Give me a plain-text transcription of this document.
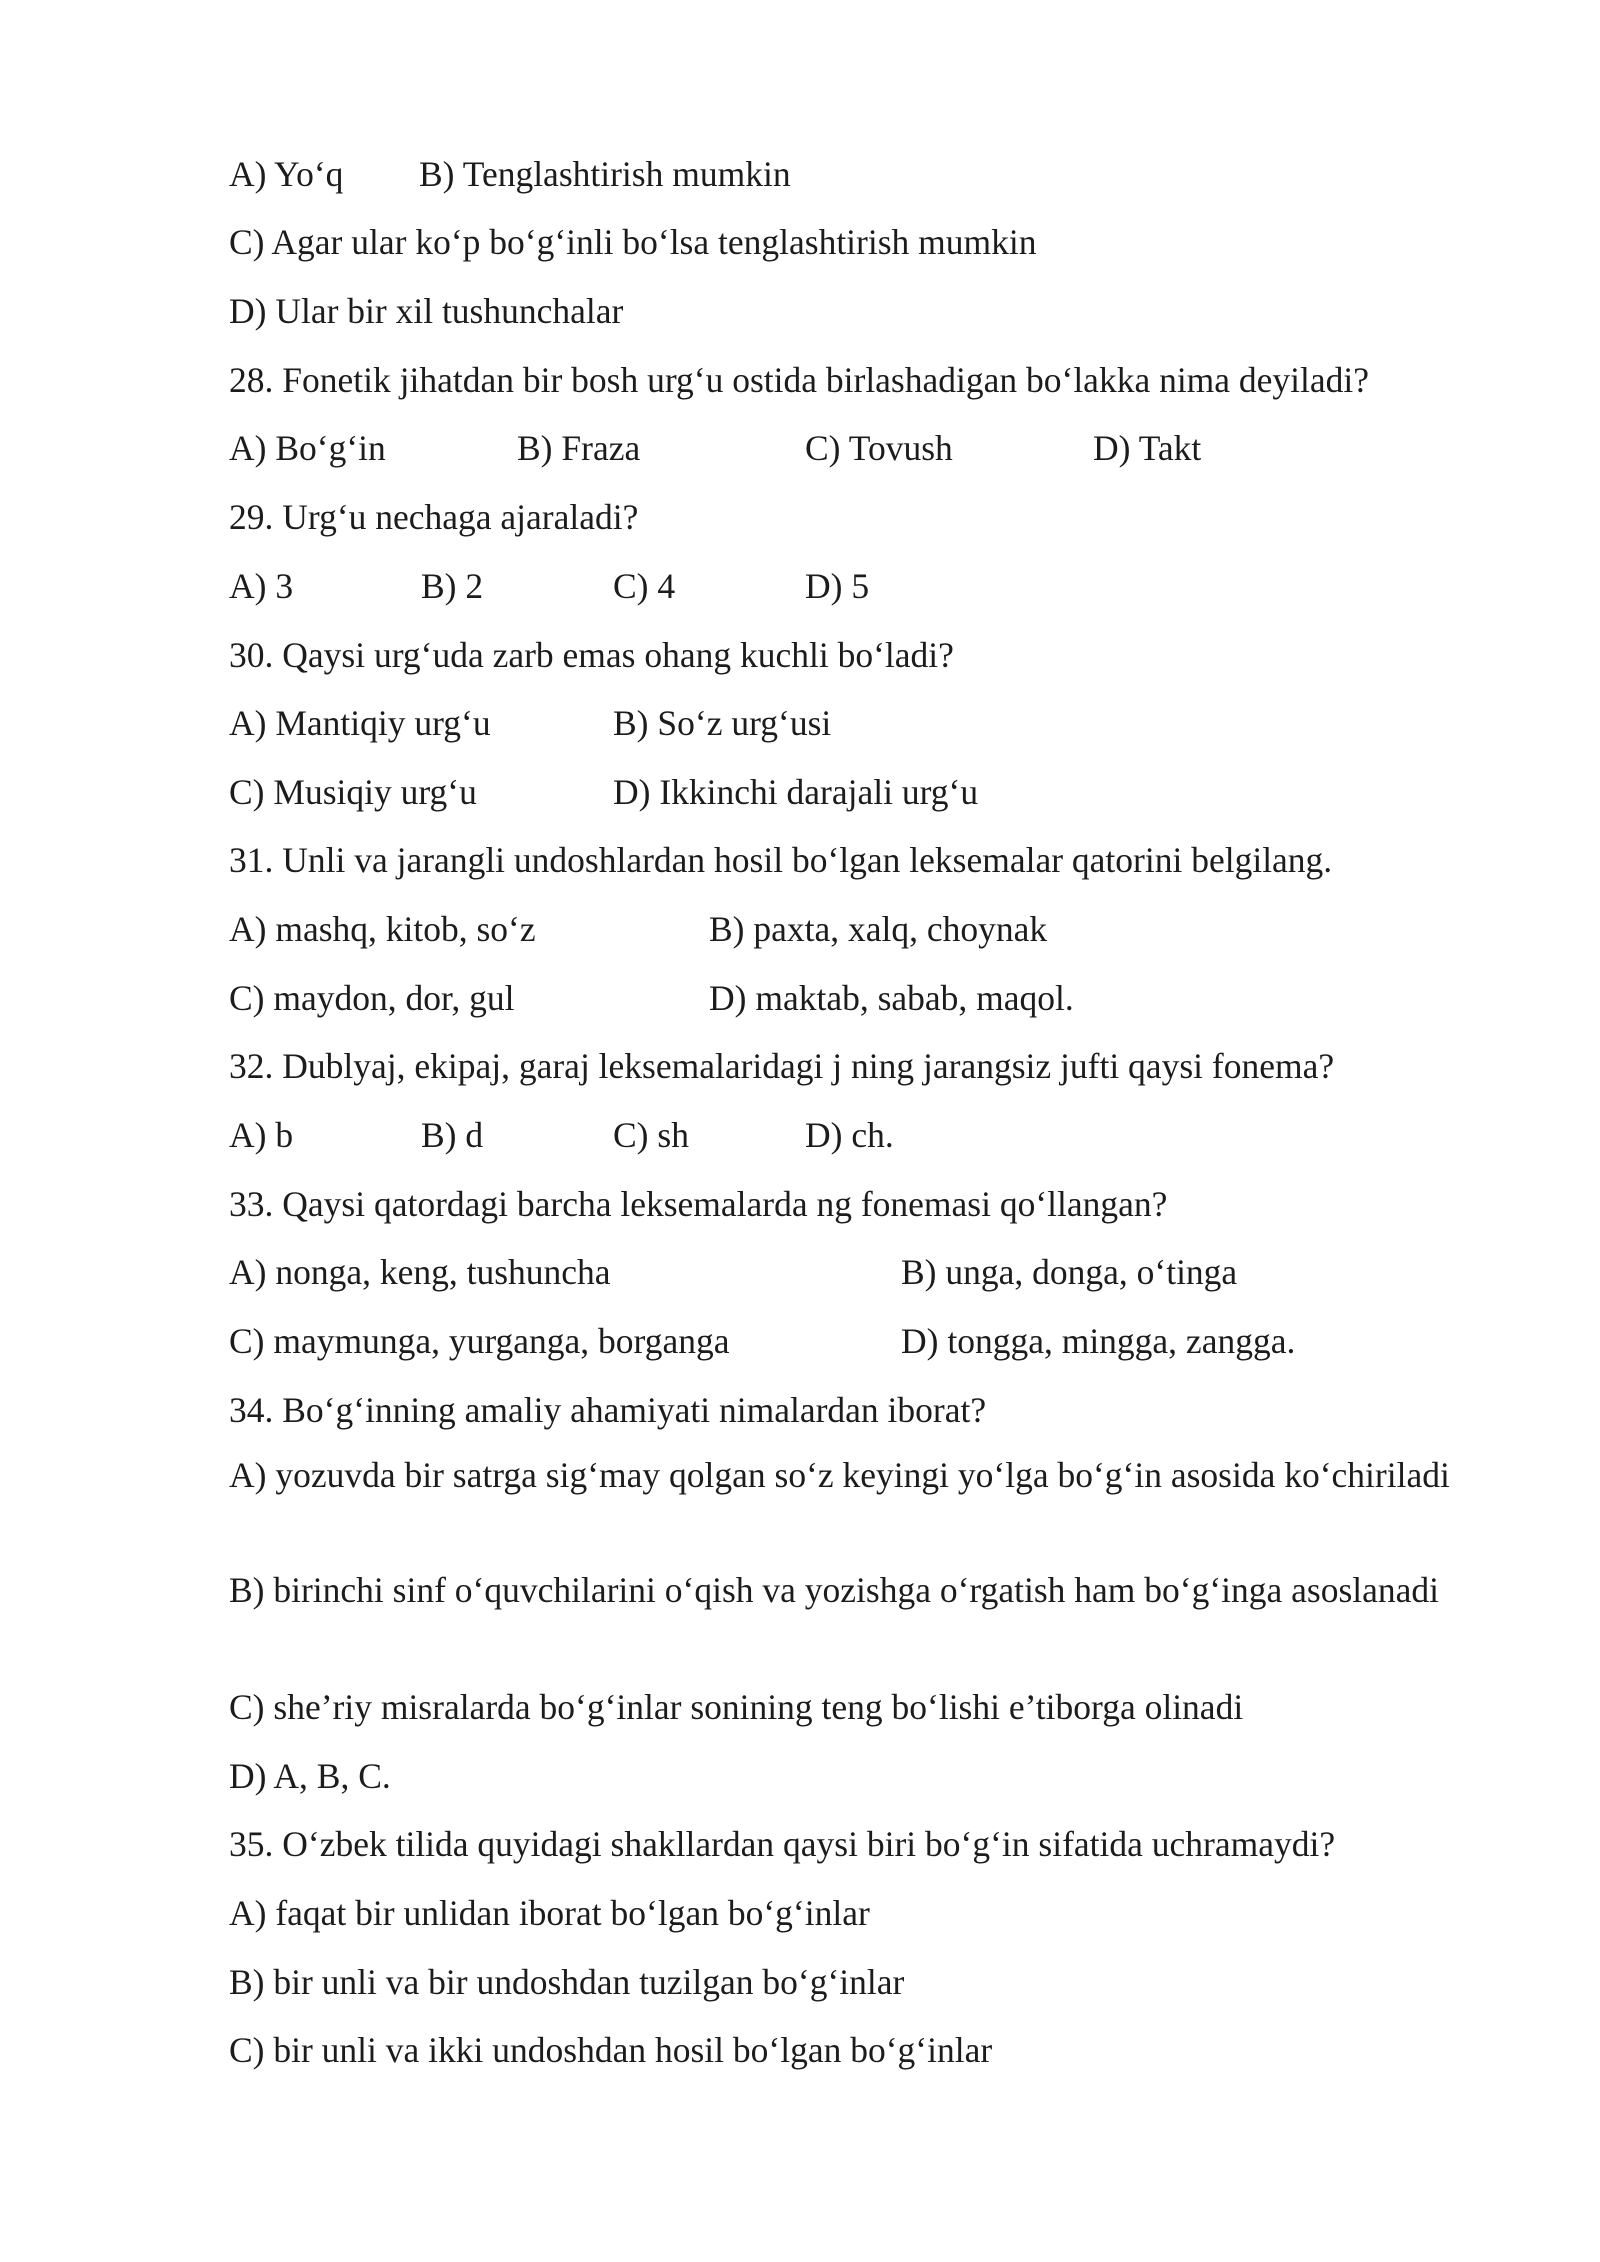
A) Yo‘q B) Tenglashtirish mumkin
C) Agar ular ko‘p bo‘g‘inli bo‘lsa tenglashtirish mumkin
D) Ular bir xil tushunchalar
28. Fonetik jihatdan bir bosh urg‘u ostida birlashadigan bo‘lakka nima deyiladi?
A) Bo‘g‘in	B) Fraza	C) Tovush	D) Takt
29. Urg‘u nechaga ajaraladi?
A) 3	B) 2	C) 4	D) 5
30. Qaysi urg‘uda zarb emas ohang kuchli bo‘ladi?
A) Mantiqiy urg‘u	B) So‘z urg‘usi
C) Musiqiy urg‘u	D) Ikkinchi darajali urg‘u
31. Unli va jarangli undoshlardan hosil bo‘lgan leksemalar qatorini belgilang.
A) mashq, kitob, so‘z	B) paxta, xalq, choynak
C) maydon, dor, gul	D) maktab, sabab, maqol.
32. Dublyaj, ekipaj, garaj leksemalaridagi j ning jarangsiz jufti qaysi fonema?
A) b	B) d	C) sh	D) ch.
33. Qaysi qatordagi barcha leksemalarda ng fonemasi qo‘llangan?
A) nonga, keng, tushuncha	B) unga, donga, o‘tinga
C) maymunga, yurganga, borganga	D) tongga, mingga, zangga.
34. Bo‘g‘inning amaliy ahamiyati nimalardan iborat?
A) yozuvda bir satrga sig‘may qolgan so‘z keyingi yo‘lga bo‘g‘in asosida ko‘chiriladi
B) birinchi sinf o‘quvchilarini o‘qish va yozishga o‘rgatish ham bo‘g‘inga asoslanadi
C) she’riy misralarda bo‘g‘inlar sonining teng bo‘lishi e’tiborga olinadi
D) A, B, C.
35. O‘zbek tilida quyidagi shakllardan qaysi biri bo‘g‘in sifatida uchramaydi?
A) faqat bir unlidan iborat bo‘lgan bo‘g‘inlar
B) bir unli va bir undoshdan tuzilgan bo‘g‘inlar
C) bir unli va ikki undoshdan hosil bo‘lgan bo‘g‘inlar
